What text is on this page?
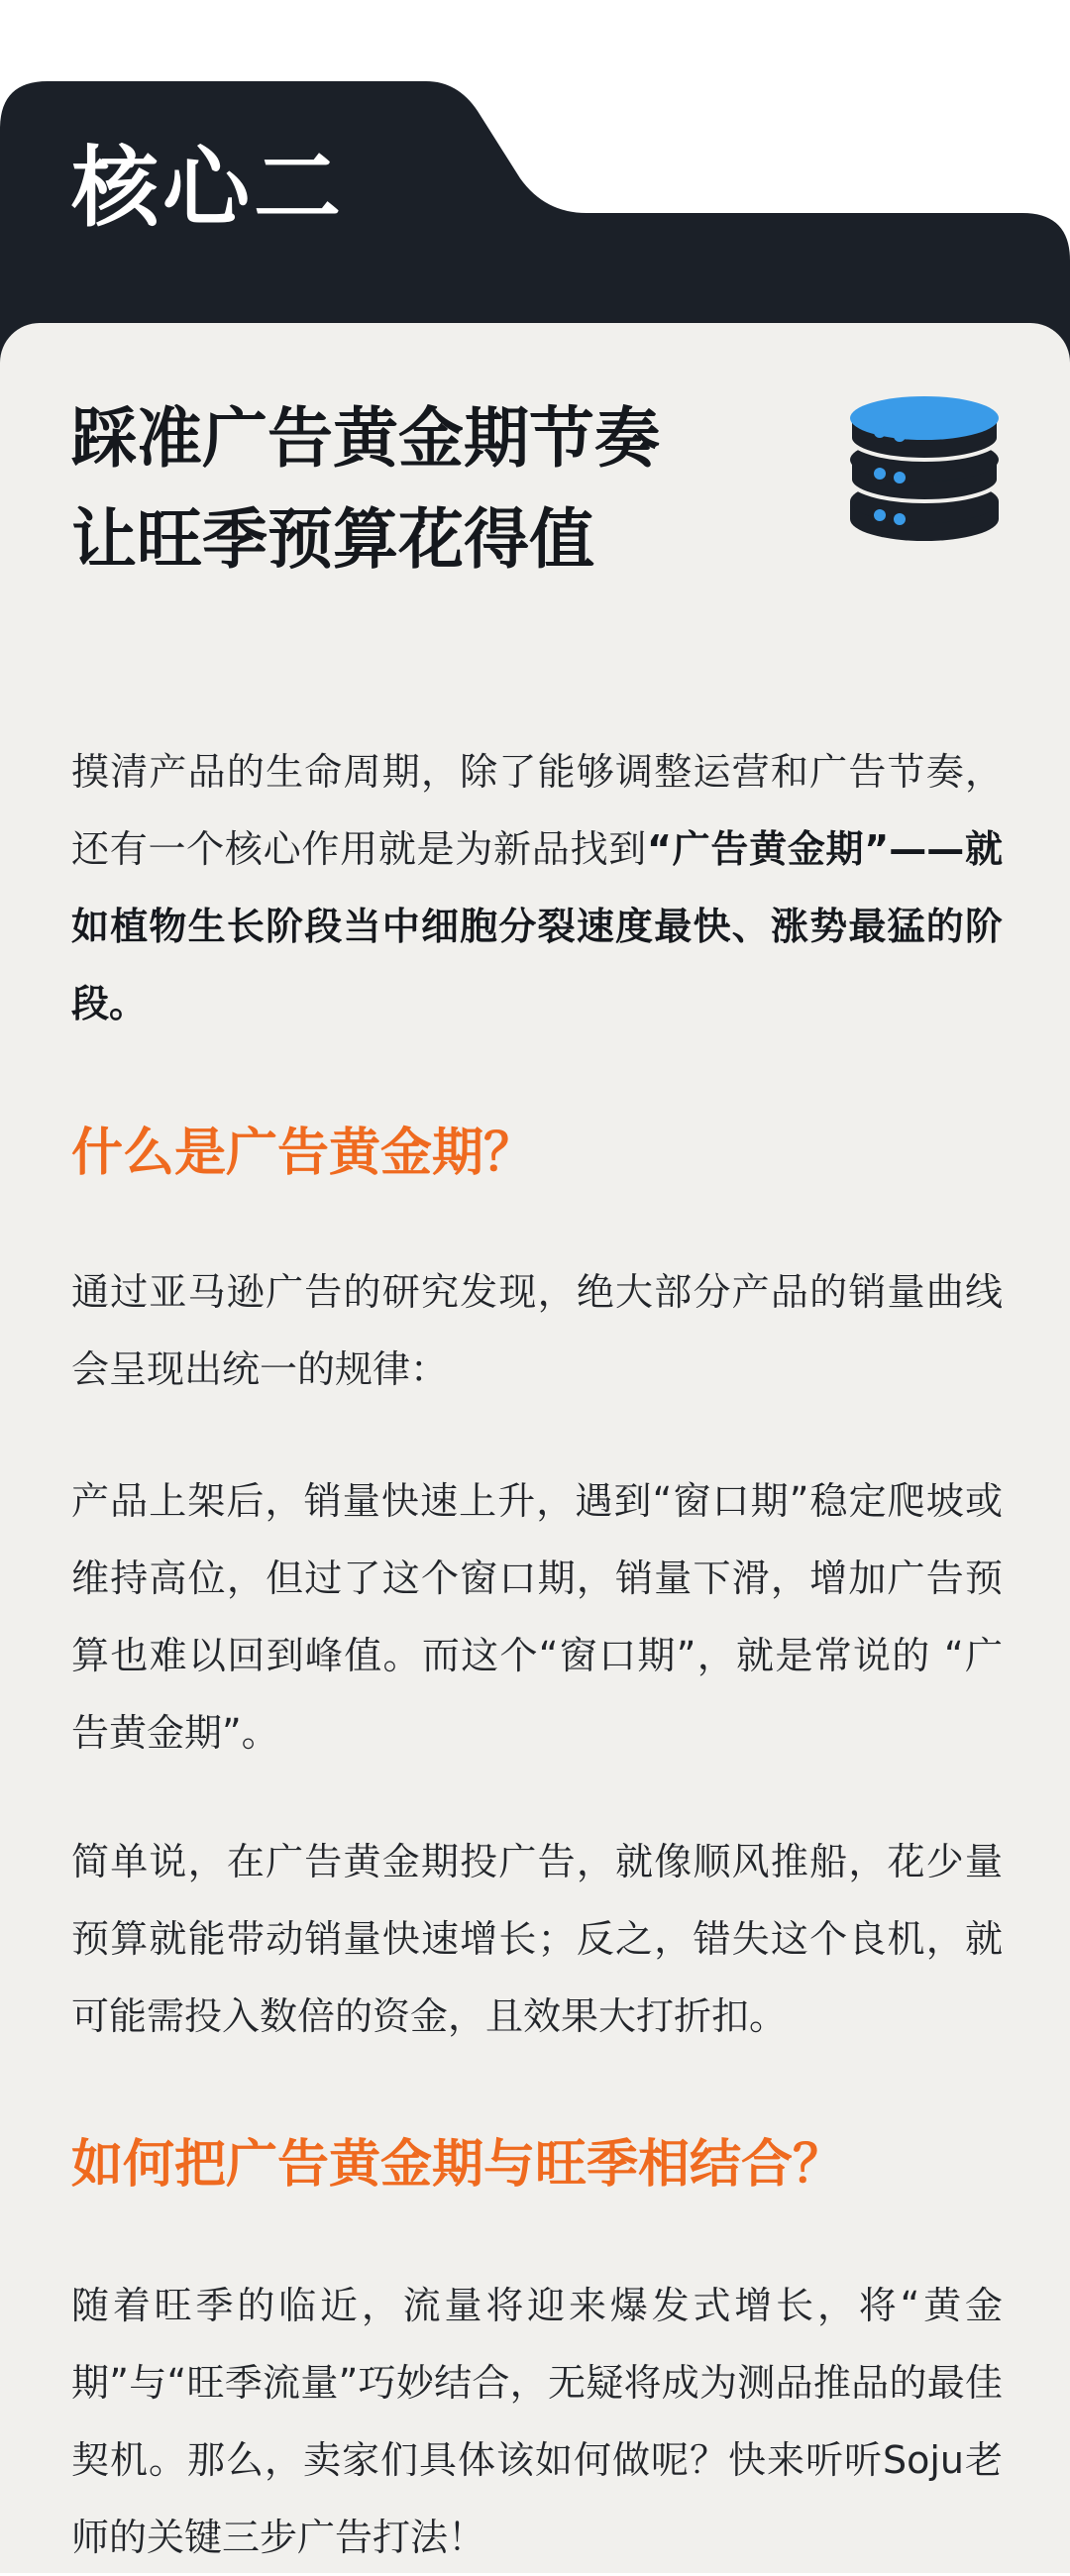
核心二
踩准广告黄金期节奏
让旺季预算花得值

摸清产品的生命周期，除了能够调整运营和广告节奏，还有一个核心作用就是为新品找到“广告黄金期”——就如植物生长阶段当中细胞分裂速度最快、涨势最猛的阶段。

什么是广告黄金期？

通过亚马逊广告的研究发现，绝大部分产品的销量曲线会呈现出统一的规律：

产品上架后，销量快速上升，遇到“窗口期”稳定爬坡或维持高位，但过了这个窗口期，销量下滑，增加广告预算也难以回到峰值。而这个“窗口期”，就是常说的 “广告黄金期”。

简单说，在广告黄金期投广告，就像顺风推船，花少量预算就能带动销量快速增长；反之，错失这个良机，就可能需投入数倍的资金，且效果大打折扣。

如何把广告黄金期与旺季相结合？

随着旺季的临近，流量将迎来爆发式增长，将“黄金期”与“旺季流量”巧妙结合，无疑将成为测品推品的最佳契机。那么，卖家们具体该如何做呢？快来听听Soju老师的关键三步广告打法！
